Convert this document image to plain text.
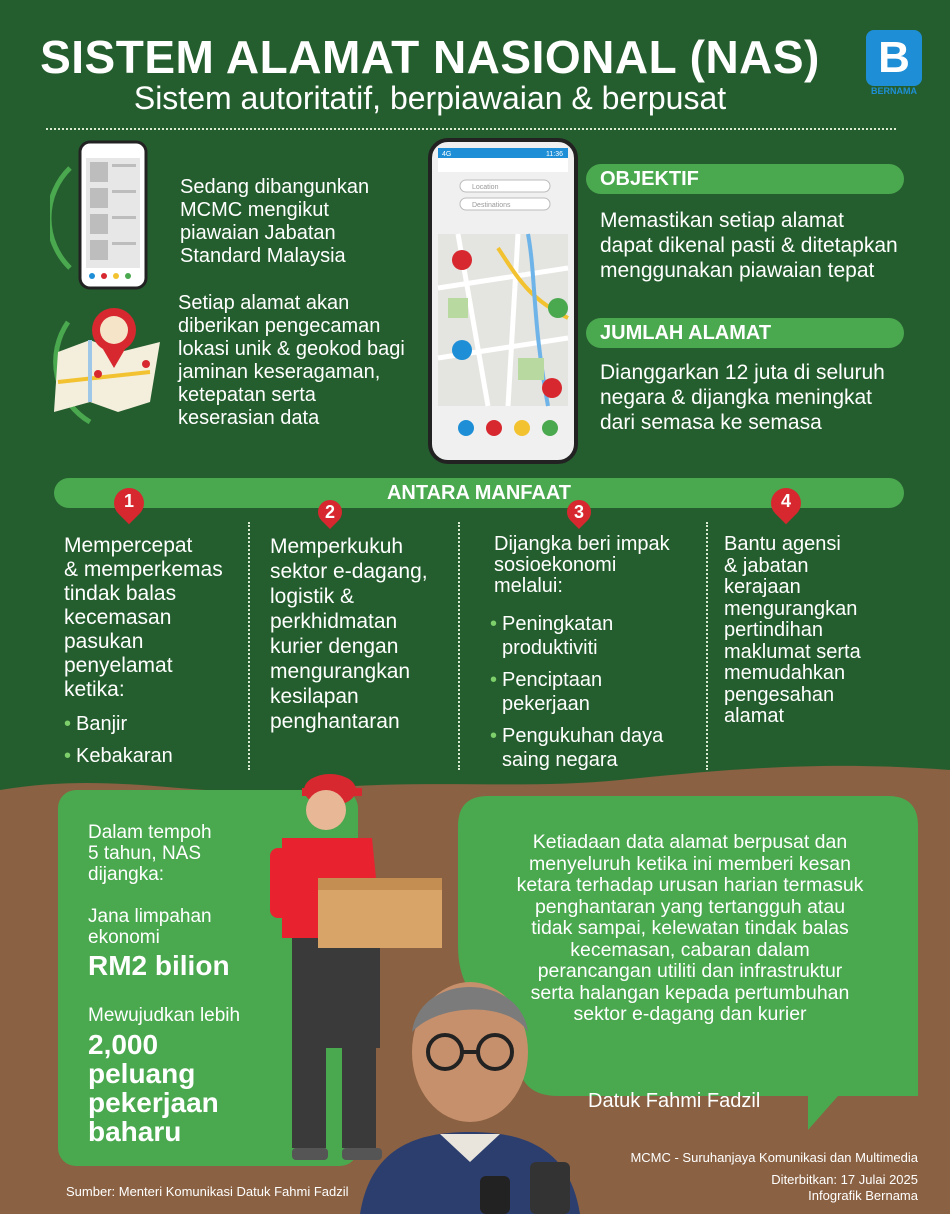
SISTEM ALAMAT NASIONAL (NAS)
Sistem autoritatif, berpiawaian & berpusat
B
BERNAMA
Sedang dibangunkan
MCMC mengikut
piawaian Jabatan
Standard Malaysia
Setiap alamat akan
diberikan pengecaman
lokasi unik & geokod bagi
jaminan keseragaman,
ketepatan serta
keserasian data
4G	11:36
Location
Destinations
OBJEKTIF
Memastikan setiap alamat
dapat dikenal pasti & ditetapkan
menggunakan piawaian tepat
JUMLAH ALAMAT
Dianggarkan 12 juta di seluruh
negara & dijangka meningkat
dari semasa ke semasa
ANTARA MANFAAT
1
2	3
4
Mempercepat
& memperkemas
tindak balas
kecemasan
pasukan
penyelamat
ketika:
• Banjir
• Kebakaran
Memperkukuh
sektor e-dagang,
logistik &
perkhidmatan
kurier dengan
mengurangkan
kesilapan
penghantaran
Dijangka beri impak
sosioekonomi
melalui:
• Peningkatan
produktiviti
• Penciptaan
pekerjaan
• Pengukuhan daya
saing negara
Bantu agensi
& jabatan
kerajaan
mengurangkan
pertindihan
maklumat serta
memudahkan
pengesahan
alamat
Dalam tempoh
5 tahun, NAS
dijangka:
Jana limpahan
ekonomi
RM2 bilion
Mewujudkan lebih
2,000
peluang
pekerjaan
baharu
Ketiadaan data alamat berpusat dan
menyeluruh ketika ini memberi kesan
ketara terhadap urusan harian termasuk
penghantaran yang tertangguh atau
tidak sampai, kelewatan tindak balas
kecemasan, cabaran dalam
perancangan utiliti dan infrastruktur
serta halangan kepada pertumbuhan
sektor e-dagang dan kurier
Datuk Fahmi Fadzil
Sumber: Menteri Komunikasi Datuk Fahmi Fadzil
MCMC - Suruhanjaya Komunikasi dan Multimedia
Diterbitkan: 17 Julai 2025
Infografik Bernama
